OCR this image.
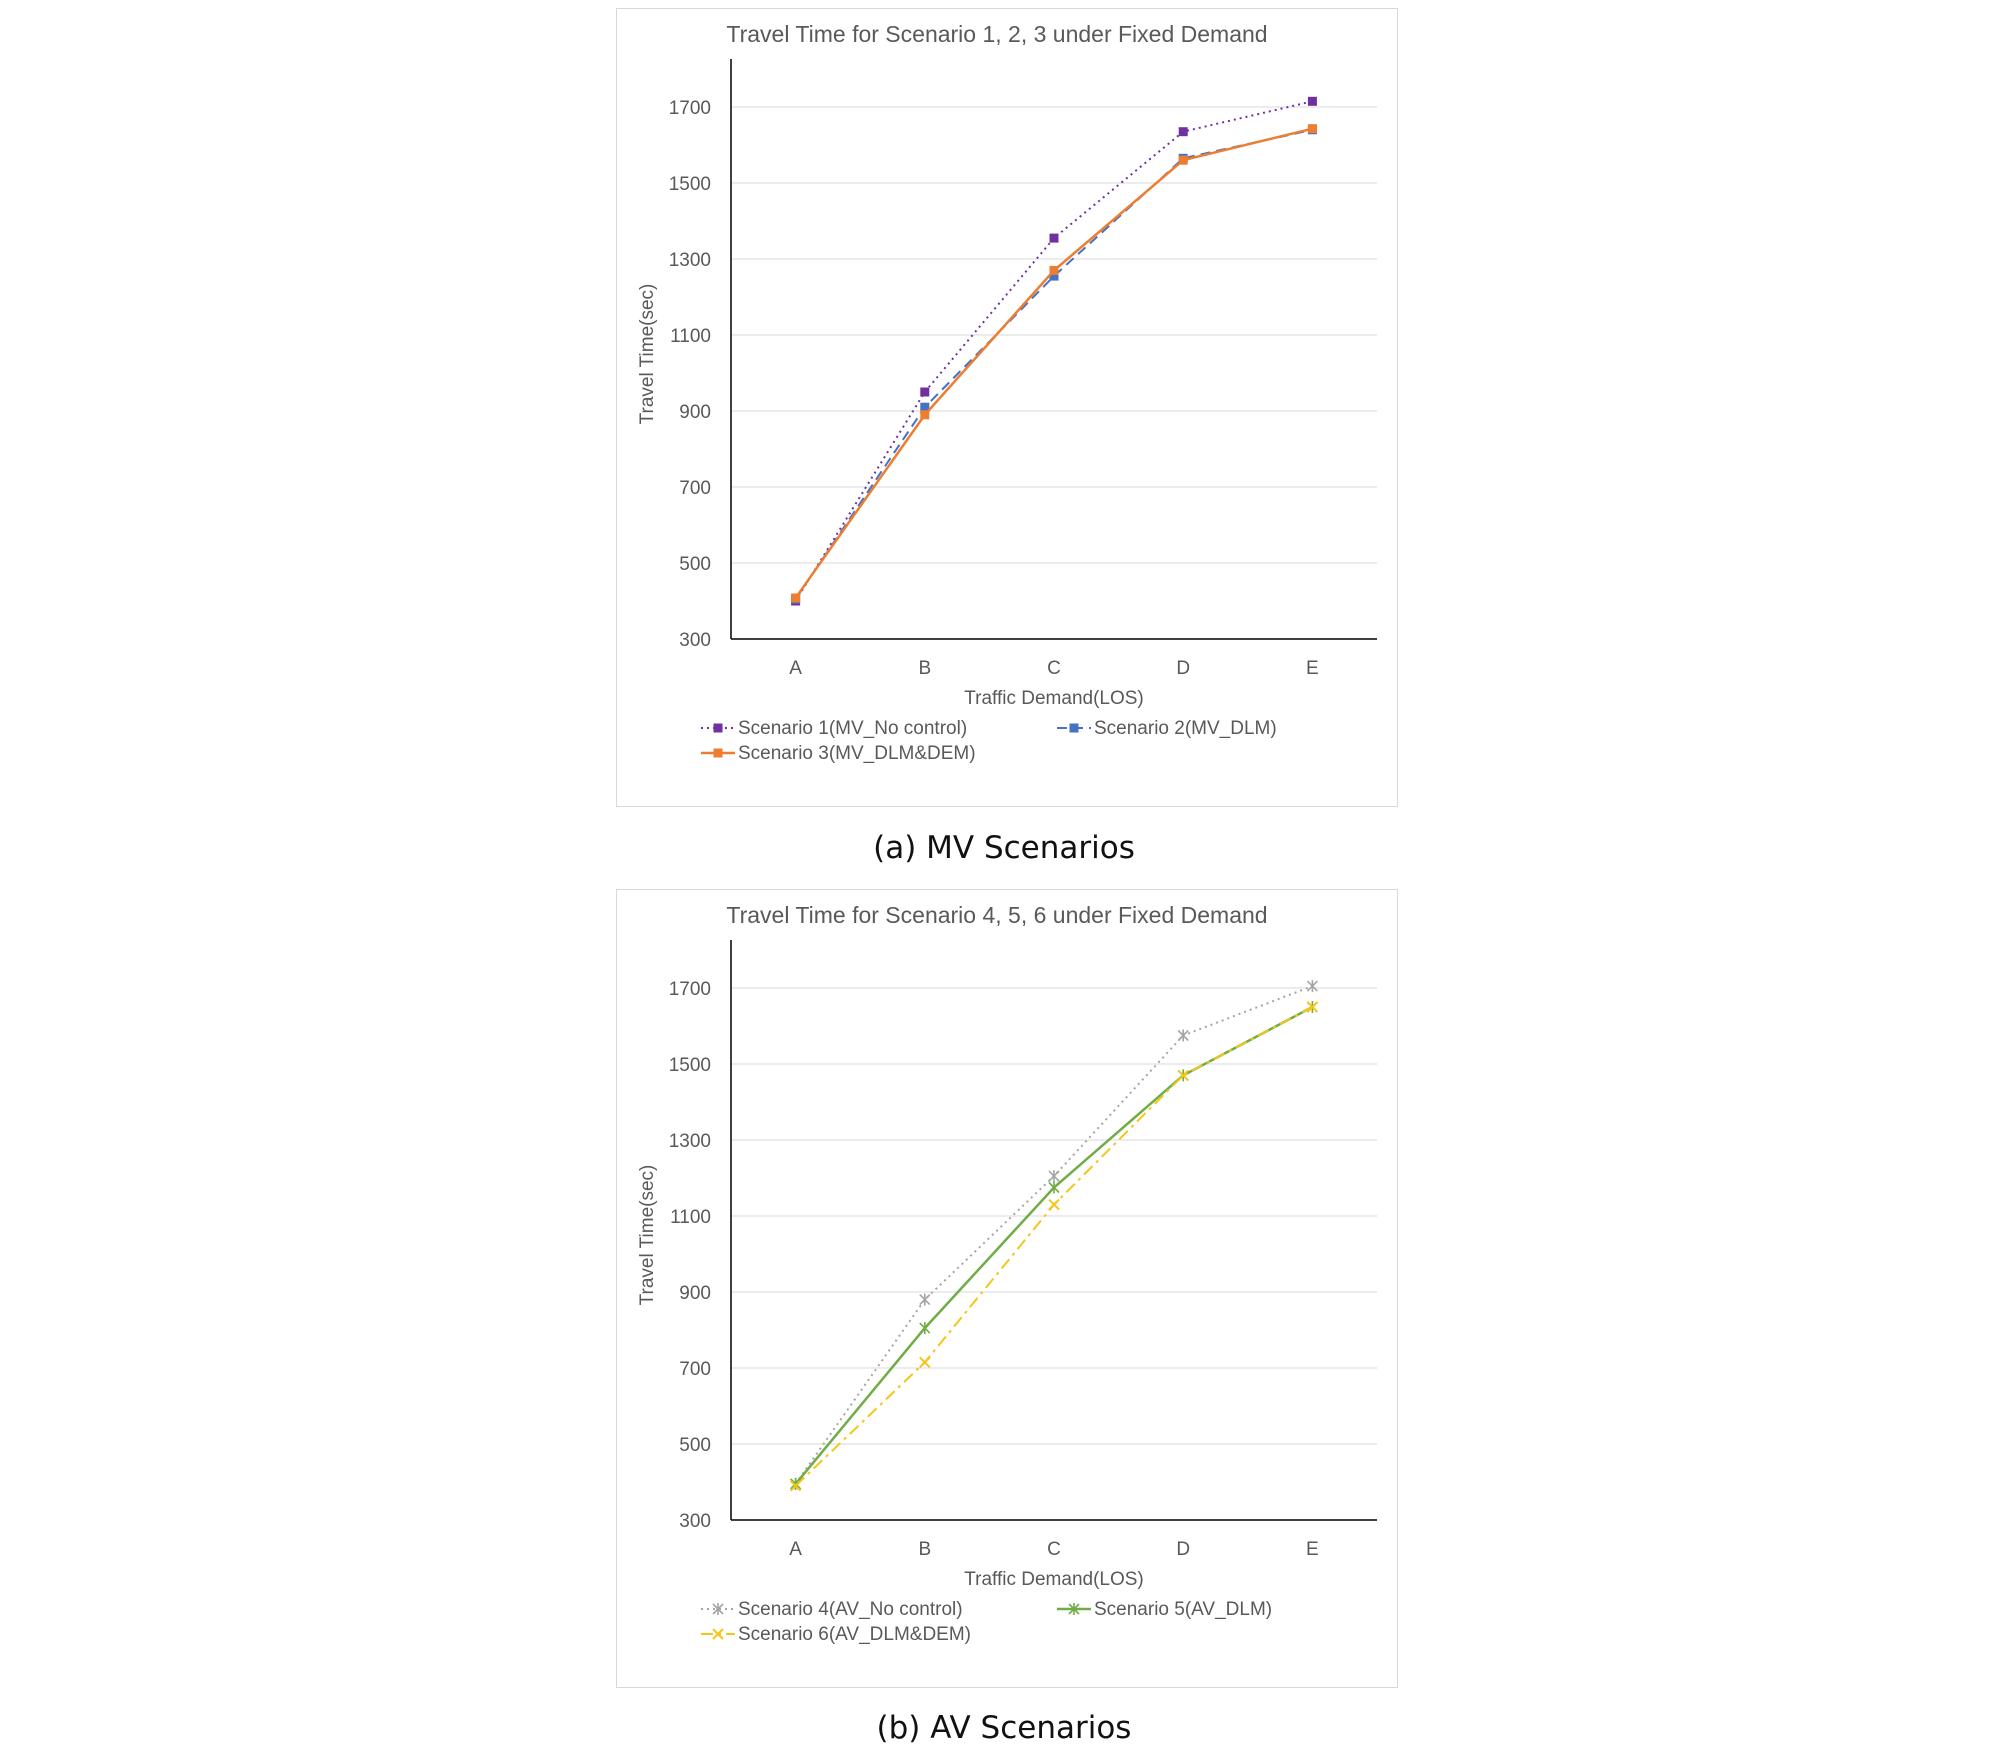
Travel Time for Scenario 1, 2, 3 under Fixed Demand
300
500
700
900
1100
1300
1500
1700
A	B	C	D	E
Traffic Demand(LOS)
Travel Time(sec)
Scenario 1(MV_No control)	Scenario 2(MV_DLM)
Scenario 3(MV_DLM&DEM)
(a) MV Scenarios
Travel Time for Scenario 4, 5, 6 under Fixed Demand
300
500
700
900
1100
1300
1500
1700
A	B	C	D	E
Traffic Demand(LOS)
Travel Time(sec)
Scenario 4(AV_No control)	Scenario 5(AV_DLM)
Scenario 6(AV_DLM&DEM)
(b) AV Scenarios
